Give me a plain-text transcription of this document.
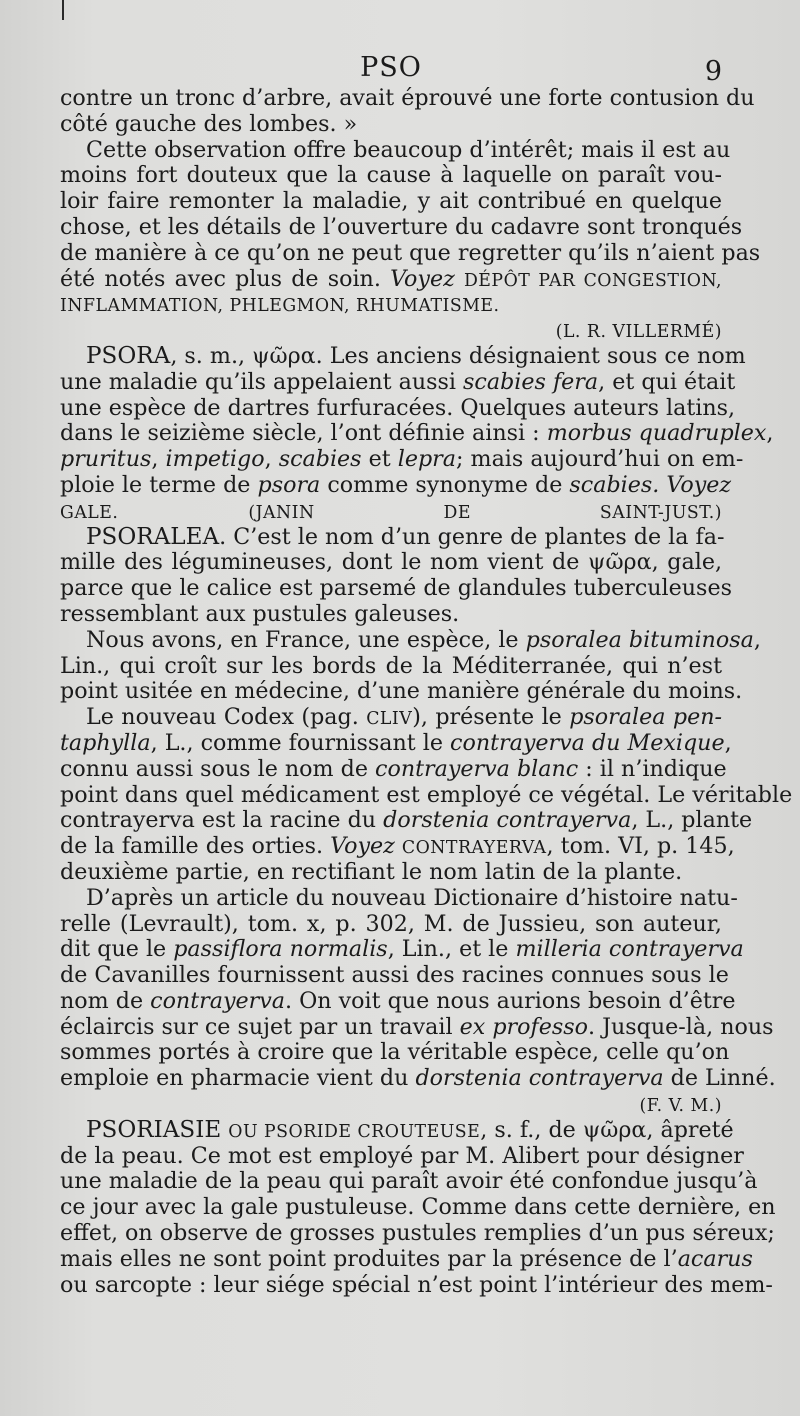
PSO	9
contre un tronc d’arbre, avait éprouvé une forte contusion du
côté gauche des lombes. »
Cette observation offre beaucoup d’intérêt; mais il est au
moins fort douteux que la cause à laquelle on paraît vou-
loir faire remonter la maladie, y ait contribué en quelque
chose, et les détails de l’ouverture du cadavre sont tronqués
de manière à ce qu’on ne peut que regretter qu’ils n’aient pas
été notés avec plus de soin. Voyez DÉPÔT PAR CONGESTION,
INFLAMMATION, PHLEGMON, RHUMATISME.
(L. R. VILLERMÉ)
PSORA, s. m., ψῶρα. Les anciens désignaient sous ce nom
une maladie qu’ils appelaient aussi scabies fera, et qui était
une espèce de dartres furfuracées. Quelques auteurs latins,
dans le seizième siècle, l’ont définie ainsi : morbus quadruplex,
pruritus, impetigo, scabies et lepra; mais aujourd’hui on em-
ploie le terme de psora comme synonyme de scabies. Voyez
GALE.	(JANIN DE SAINT-JUST.)
PSORALEA. C’est le nom d’un genre de plantes de la fa-
mille des légumineuses, dont le nom vient de ψῶρα, gale,
parce que le calice est parsemé de glandules tuberculeuses
ressemblant aux pustules galeuses.
Nous avons, en France, une espèce, le psoralea bituminosa,
Lin., qui croît sur les bords de la Méditerranée, qui n’est
point usitée en médecine, d’une manière générale du moins.
Le nouveau Codex (pag. CLIV), présente le psoralea pen-
taphylla, L., comme fournissant le contrayerva du Mexique,
connu aussi sous le nom de contrayerva blanc : il n’indique
point dans quel médicament est employé ce végétal. Le véritable
contrayerva est la racine du dorstenia contrayerva, L., plante
de la famille des orties. Voyez CONTRAYERVA, tom. VI, p. 145,
deuxième partie, en rectifiant le nom latin de la plante.
D’après un article du nouveau Dictionaire d’histoire natu-
relle (Levrault), tom. x, p. 302, M. de Jussieu, son auteur,
dit que le passiflora normalis, Lin., et le milleria contrayerva
de Cavanilles fournissent aussi des racines connues sous le
nom de contrayerva. On voit que nous aurions besoin d’être
éclaircis sur ce sujet par un travail ex professo. Jusque-là, nous
sommes portés à croire que la véritable espèce, celle qu’on
emploie en pharmacie vient du dorstenia contrayerva de Linné.
(F. V. M.)
PSORIASIE OU PSORIDE CROUTEUSE, s. f., de ψῶρα, âpreté
de la peau. Ce mot est employé par M. Alibert pour désigner
une maladie de la peau qui paraît avoir été confondue jusqu’à
ce jour avec la gale pustuleuse. Comme dans cette dernière, en
effet, on observe de grosses pustules remplies d’un pus séreux;
mais elles ne sont point produites par la présence de l’acarus
ou sarcopte : leur siége spécial n’est point l’intérieur des mem-
